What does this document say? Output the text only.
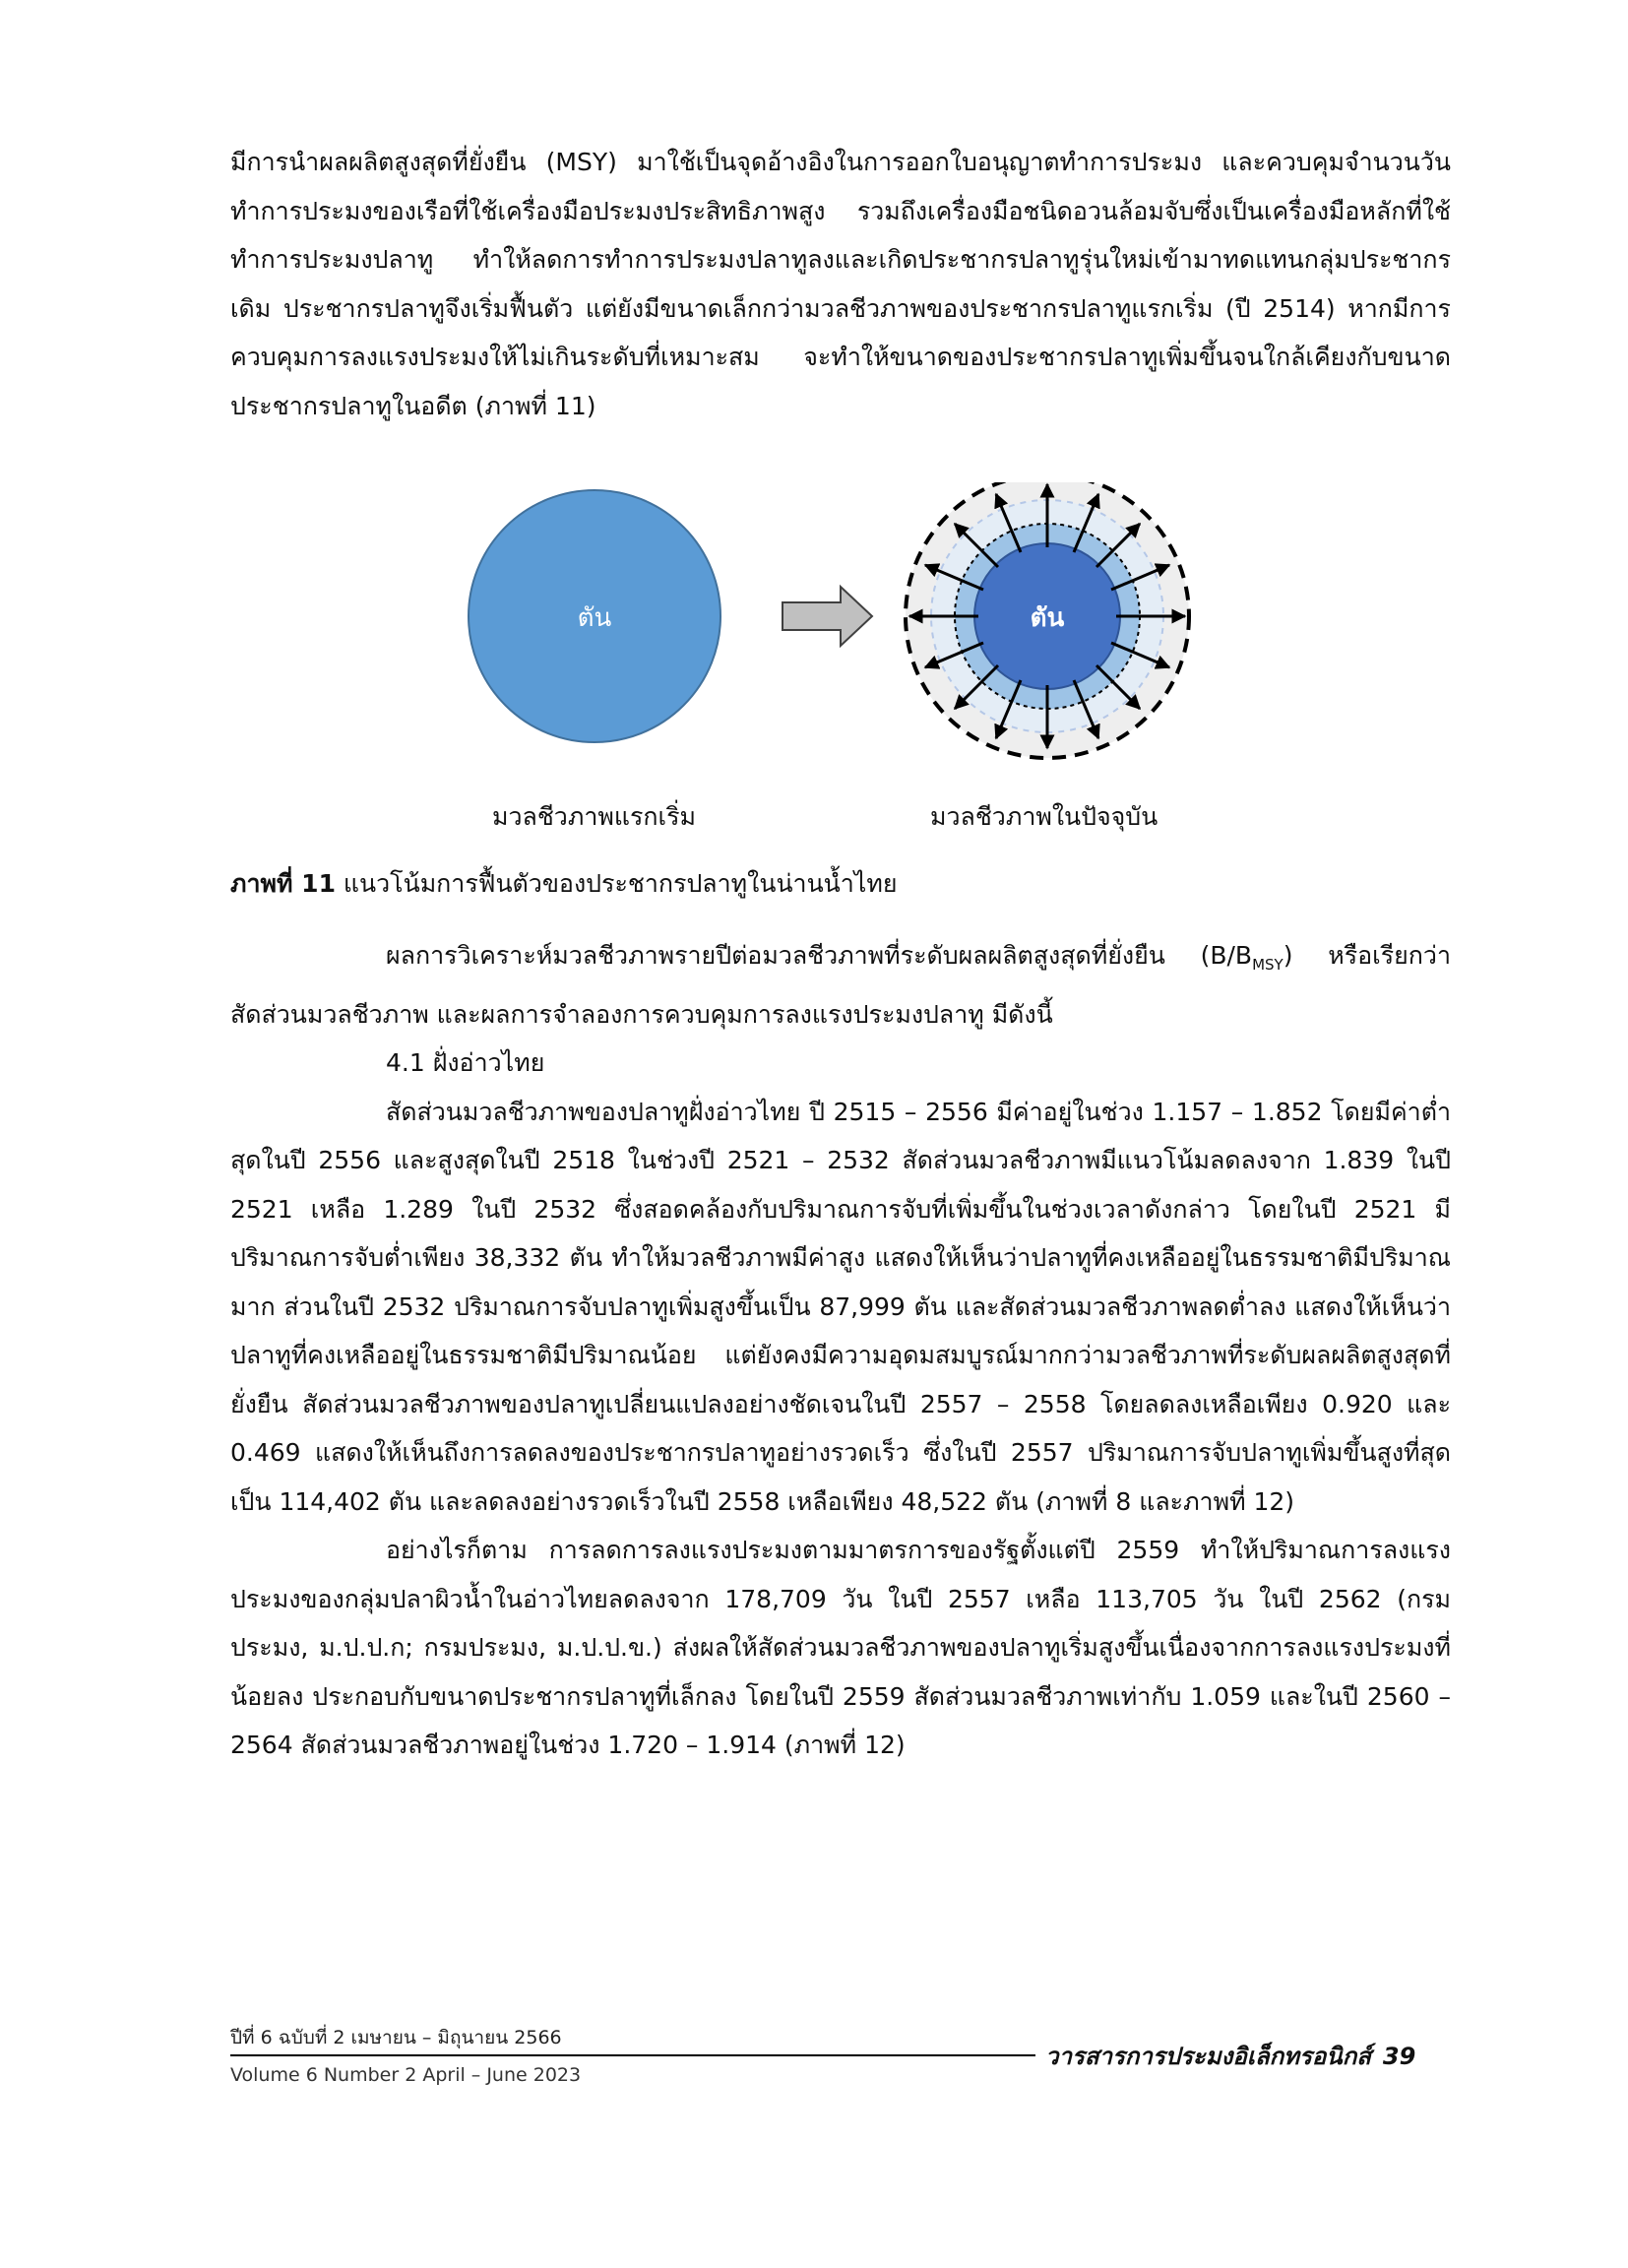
มีการนำผลผลิตสูงสุดที่ยั่งยืน (MSY) มาใช้เป็นจุดอ้างอิงในการออกใบอนุญาตทำการประมง และควบคุมจำนวนวันทำการประมงของเรือที่ใช้เครื่องมือประมงประสิทธิภาพสูง รวมถึงเครื่องมือชนิดอวนล้อมจับซึ่งเป็นเครื่องมือหลักที่ใช้ทำการประมงปลาทู ทำให้ลดการทำการประมงปลาทูลงและเกิดประชากรปลาทูรุ่นใหม่เข้ามาทดแทนกลุ่มประชากรเดิม ประชากรปลาทูจึงเริ่มฟื้นตัว แต่ยังมีขนาดเล็กกว่ามวลชีวภาพของประชากรปลาทูแรกเริ่ม (ปี 2514) หากมีการควบคุมการลงแรงประมงให้ไม่เกินระดับที่เหมาะสม จะทำให้ขนาดของประชากรปลาทูเพิ่มขึ้นจนใกล้เคียงกับขนาดประชากรปลาทูในอดีต (ภาพที่ 11)

ตัน	ตัน
มวลชีวภาพแรกเริ่ม	มวลชีวภาพในปัจจุบัน
ภาพที่ 11 แนวโน้มการฟื้นตัวของประชากรปลาทูในน่านน้ำไทย

ผลการวิเคราะห์มวลชีวภาพรายปีต่อมวลชีวภาพที่ระดับผลผลิตสูงสุดที่ยั่งยืน $(B/B_{MSY})$ หรือเรียกว่าสัดส่วนมวลชีวภาพ และผลการจำลองการควบคุมการลงแรงประมงปลาทู มีดังนี้

4.1 ฝั่งอ่าวไทย

สัดส่วนมวลชีวภาพของปลาทูฝั่งอ่าวไทย ปี 2515 – 2556 มีค่าอยู่ในช่วง 1.157 – 1.852 โดยมีค่าต่ำสุดในปี 2556 และสูงสุดในปี 2518 ในช่วงปี 2521 – 2532 สัดส่วนมวลชีวภาพมีแนวโน้มลดลงจาก 1.839 ในปี 2521 เหลือ 1.289 ในปี 2532 ซึ่งสอดคล้องกับปริมาณการจับที่เพิ่มขึ้นในช่วงเวลาดังกล่าว โดยในปี 2521 มีปริมาณการจับต่ำเพียง 38,332 ตัน ทำให้มวลชีวภาพมีค่าสูง แสดงให้เห็นว่าปลาทูที่คงเหลืออยู่ในธรรมชาติมีปริมาณมาก ส่วนในปี 2532 ปริมาณการจับปลาทูเพิ่มสูงขึ้นเป็น 87,999 ตัน และสัดส่วนมวลชีวภาพลดต่ำลง แสดงให้เห็นว่า ปลาทูที่คงเหลืออยู่ในธรรมชาติมีปริมาณน้อย แต่ยังคงมีความอุดมสมบูรณ์มากกว่ามวลชีวภาพที่ระดับผลผลิตสูงสุดที่ยั่งยืน สัดส่วนมวลชีวภาพของปลาทูเปลี่ยนแปลงอย่างชัดเจนในปี 2557 – 2558 โดยลดลงเหลือเพียง 0.920 และ 0.469 แสดงให้เห็นถึงการลดลงของประชากรปลาทูอย่างรวดเร็ว ซึ่งในปี 2557 ปริมาณการจับปลาทูเพิ่มขึ้นสูงที่สุดเป็น 114,402 ตัน และลดลงอย่างรวดเร็วในปี 2558 เหลือเพียง 48,522 ตัน (ภาพที่ 8 และภาพที่ 12)

อย่างไรก็ตาม การลดการลงแรงประมงตามมาตรการของรัฐตั้งแต่ปี 2559 ทำให้ปริมาณการลงแรงประมงของกลุ่มปลาผิวน้ำในอ่าวไทยลดลงจาก 178,709 วัน ในปี 2557 เหลือ 113,705 วัน ในปี 2562 (กรมประมง, ม.ป.ป.ก; กรมประมง, ม.ป.ป.ข.) ส่งผลให้สัดส่วนมวลชีวภาพของปลาทูเริ่มสูงขึ้นเนื่องจากการลงแรงประมงที่น้อยลง ประกอบกับขนาดประชากรปลาทูที่เล็กลง โดยในปี 2559 สัดส่วนมวลชีวภาพเท่ากับ 1.059 และในปี 2560 – 2564 สัดส่วนมวลชีวภาพอยู่ในช่วง 1.720 – 1.914 (ภาพที่ 12)

ปีที่ 6 ฉบับที่ 2 เมษายน – มิถุนายน 2566
Volume 6 Number 2 April – June 2023
วารสารการประมงอิเล็กทรอนิกส์ 39
